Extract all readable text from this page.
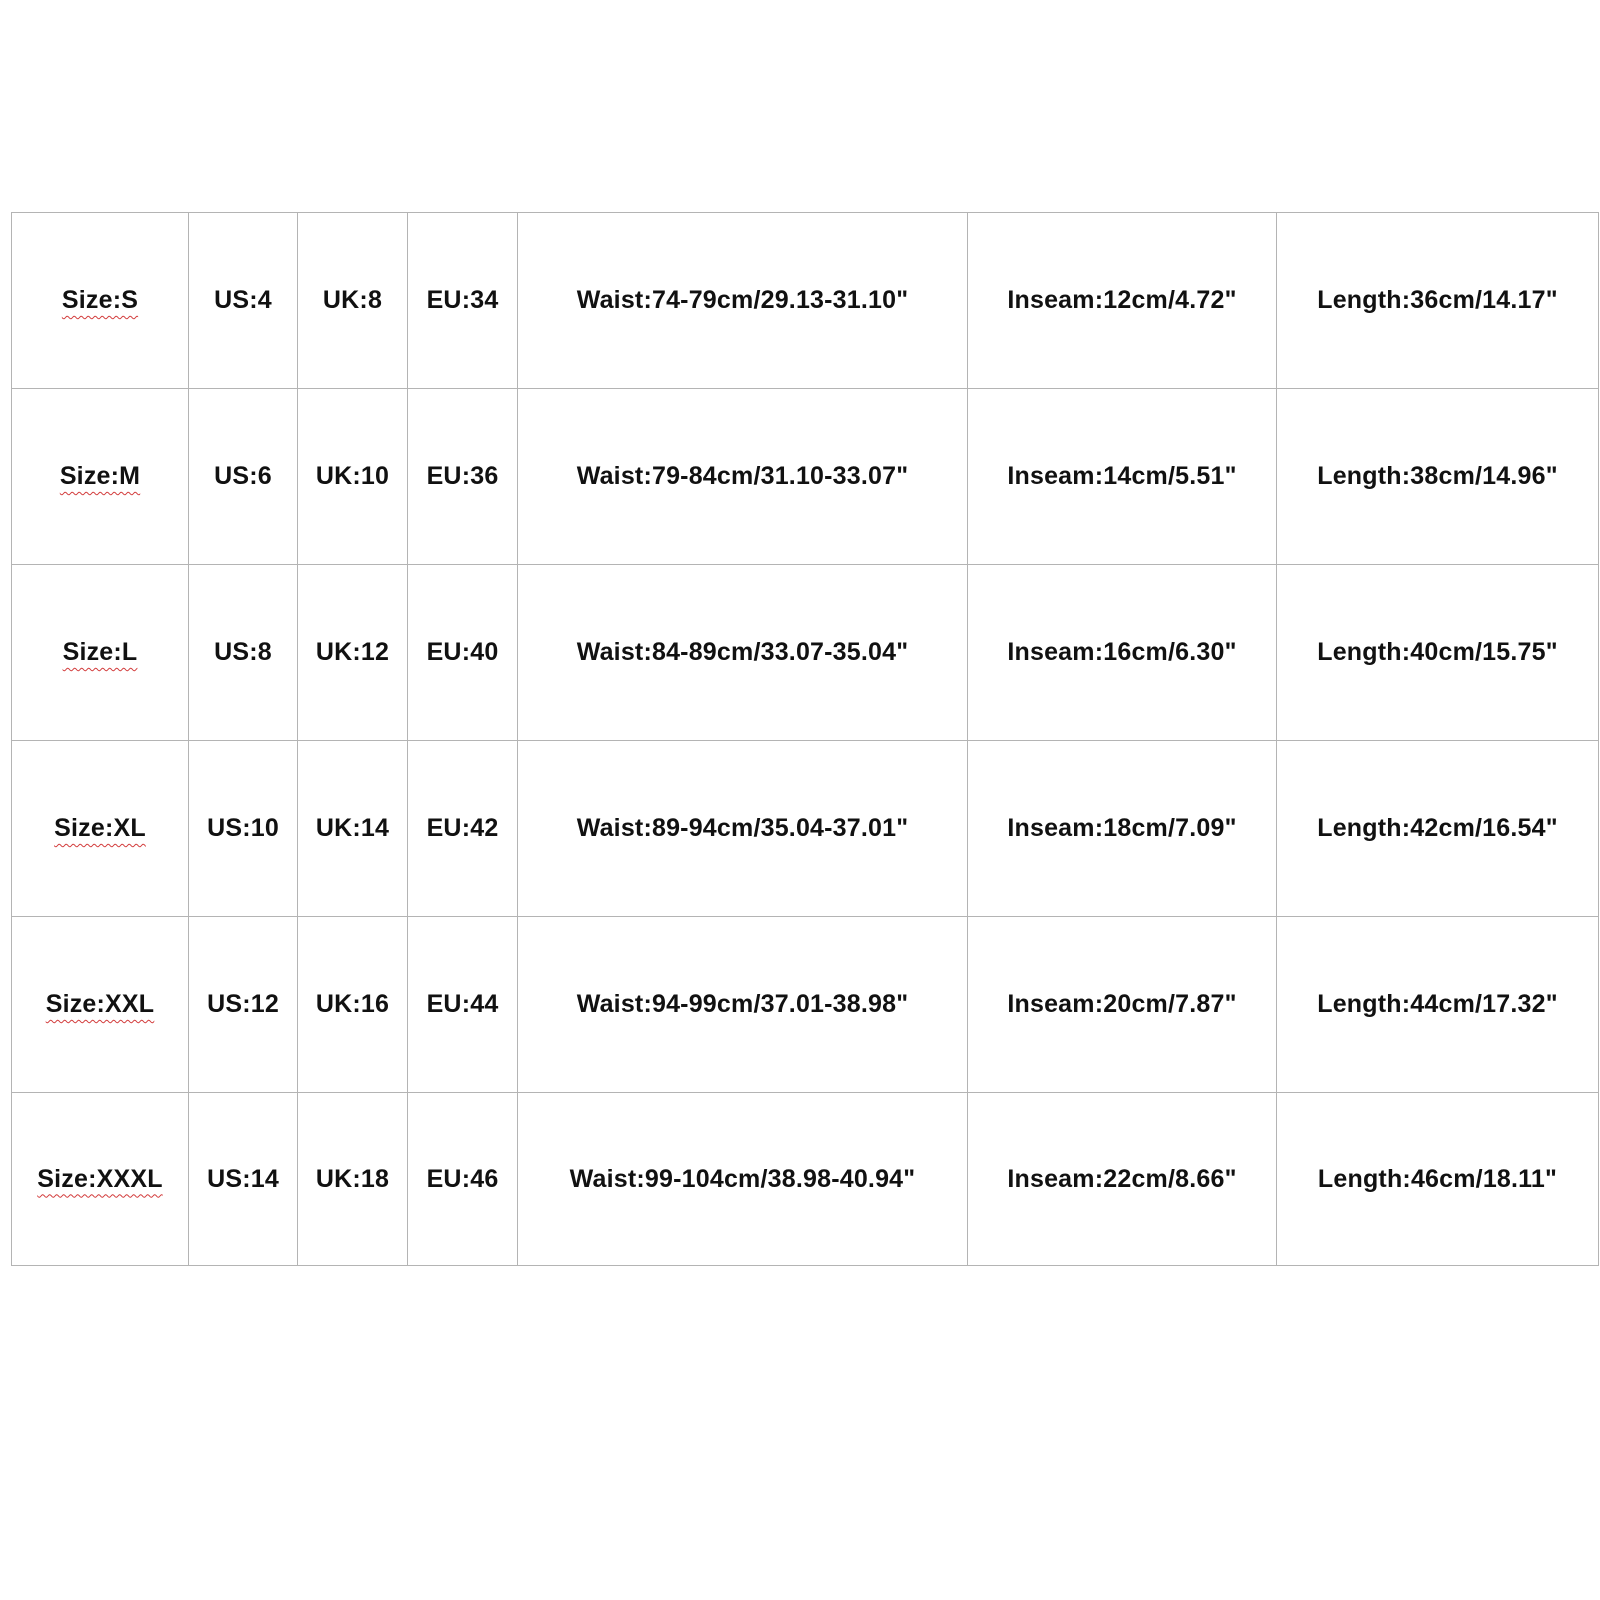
Size:S	US:4	UK:8	EU:34	Waist:74-79cm/29.13-31.10"	Inseam:12cm/4.72"	Length:36cm/14.17"
Size:M	US:6	UK:10	EU:36	Waist:79-84cm/31.10-33.07"	Inseam:14cm/5.51"	Length:38cm/14.96"
Size:L	US:8	UK:12	EU:40	Waist:84-89cm/33.07-35.04"	Inseam:16cm/6.30"	Length:40cm/15.75"
Size:XL	US:10	UK:14	EU:42	Waist:89-94cm/35.04-37.01"	Inseam:18cm/7.09"	Length:42cm/16.54"
Size:XXL	US:12	UK:16	EU:44	Waist:94-99cm/37.01-38.98"	Inseam:20cm/7.87"	Length:44cm/17.32"
Size:XXXL	US:14	UK:18	EU:46	Waist:99-104cm/38.98-40.94"	Inseam:22cm/8.66"	Length:46cm/18.11"
